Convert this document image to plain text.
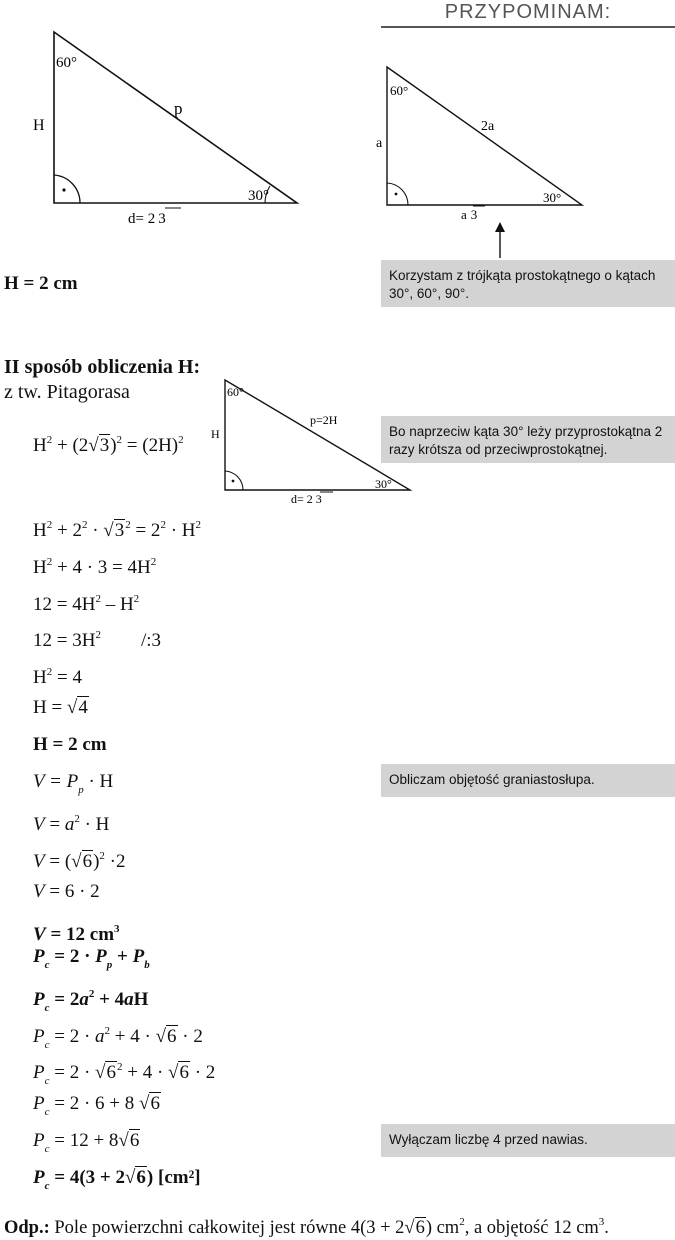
PRZYPOMINAM:
60°
30°
H
p
d= 2 3
60°
30°
a
2a
a 3
Korzystam z trójkąta prostokątnego o kątach 30°, 60°, 90°.
H = 2 cm
II sposób obliczenia H:
z tw. Pitagorasa	60°
30°
H
p=2H
d= 2 3
Bo naprzeciw kąta 30° leży przyprostokątna 2 razy krótsza od przeciwprostokątnej.
$H^2 + (2√3)^2 = (2H)^2$
$H^2 + 2^2 \cdot √3^2 = 2^2 \cdot H^2$
$H^2 + 4 \cdot 3 = 4H^2$
$12 = 4H^2 - H^2$
$12 = 3H^2$ /:3
$H^2 = 4$
H = √4
H = 2 cm
Obliczam objętość graniastosłupa.
$V = P_p \cdot H$
$V = a^2 \cdot H$
$V = (√6)^2 \cdot 2$
V = 6 · 2
V = 12 $cm^3$
$P_c = 2 \cdot P_p + P_b$
$P_c = 2a^2 + 4aH$
$P_c = 2 \cdot a^2 + 4 \cdot √6 \cdot 2$
$P_c = 2 \cdot √6^2 + 4 \cdot √6 \cdot 2$
$P_c = 2 \cdot 6 + 8$ √6
Wyłączam liczbę 4 przed nawias.
$P_c = 12 + 8√6$
$P_c = 4(3 + 2√6)$ [cm²]
Odp.: Pole powierzchni całkowitej jest równe 4(3 + 2√6) $cm^2$, a objętość 12 $cm^3$.
